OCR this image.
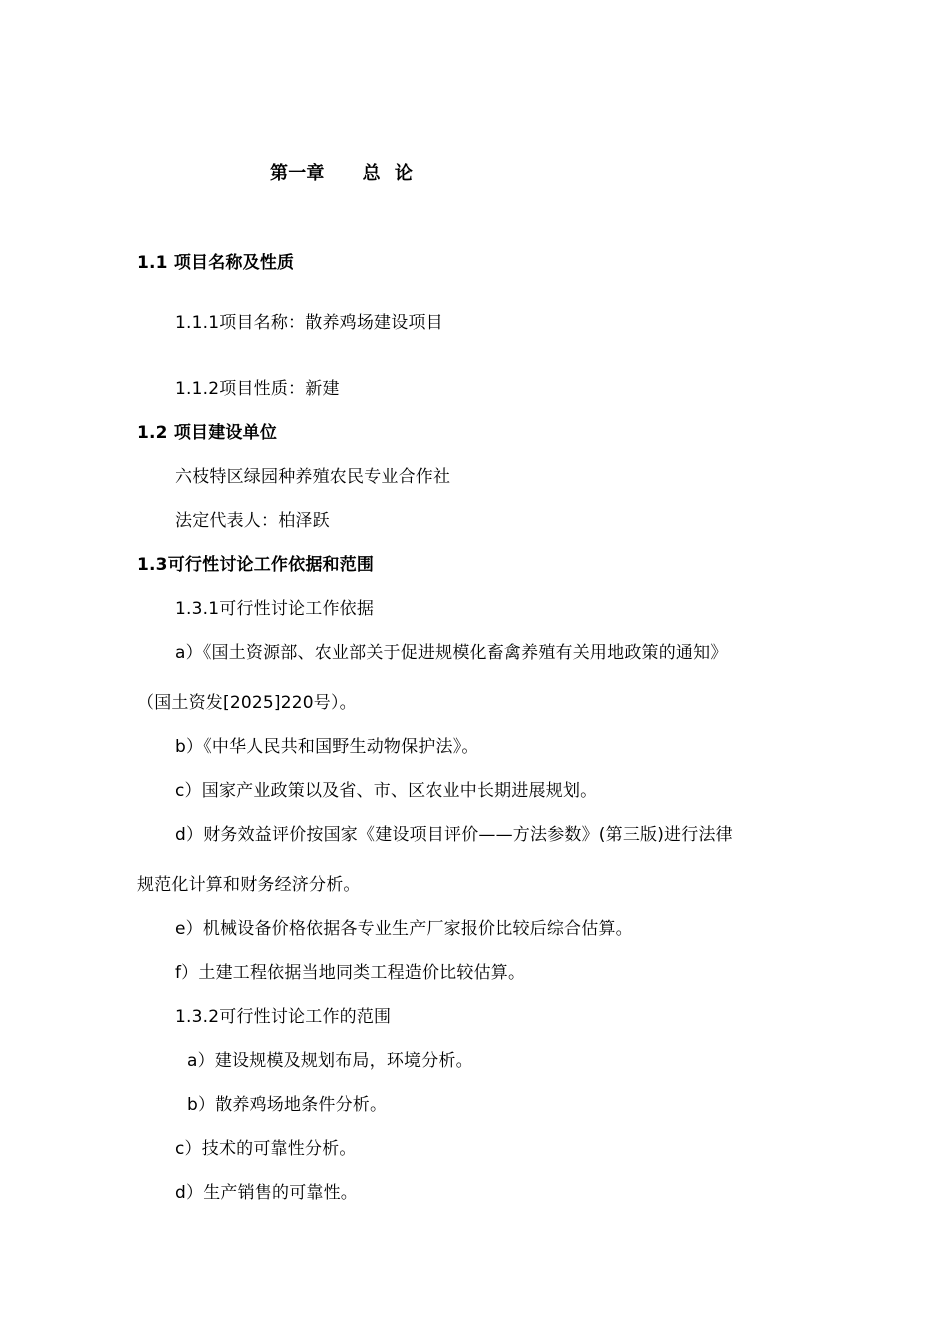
第一章 总 论
1.1 项目名称及性质
1.1.1项目名称：散养鸡场建设项目
1.1.2项目性质：新建
1.2 项目建设单位
六枝特区绿园种养殖农民专业合作社
法定代表人：柏泽跃
1.3可行性讨论工作依据和范围
1.3.1可行性讨论工作依据
a）《国土资源部、农业部关于促进规模化畜禽养殖有关用地政策的通知》
（国土资发[2025]220号）。
b）《中华人民共和国野生动物保护法》。
c）国家产业政策以及省、市、区农业中长期进展规划。
d）财务效益评价按国家《建设项目评价——方法参数》(第三版)进行法律
规范化计算和财务经济分析。
e）机械设备价格依据各专业生产厂家报价比较后综合估算。
f）土建工程依据当地同类工程造价比较估算。
1.3.2可行性讨论工作的范围
a）建设规模及规划布局，环境分析。
b）散养鸡场地条件分析。
c）技术的可靠性分析。
d）生产销售的可靠性。
